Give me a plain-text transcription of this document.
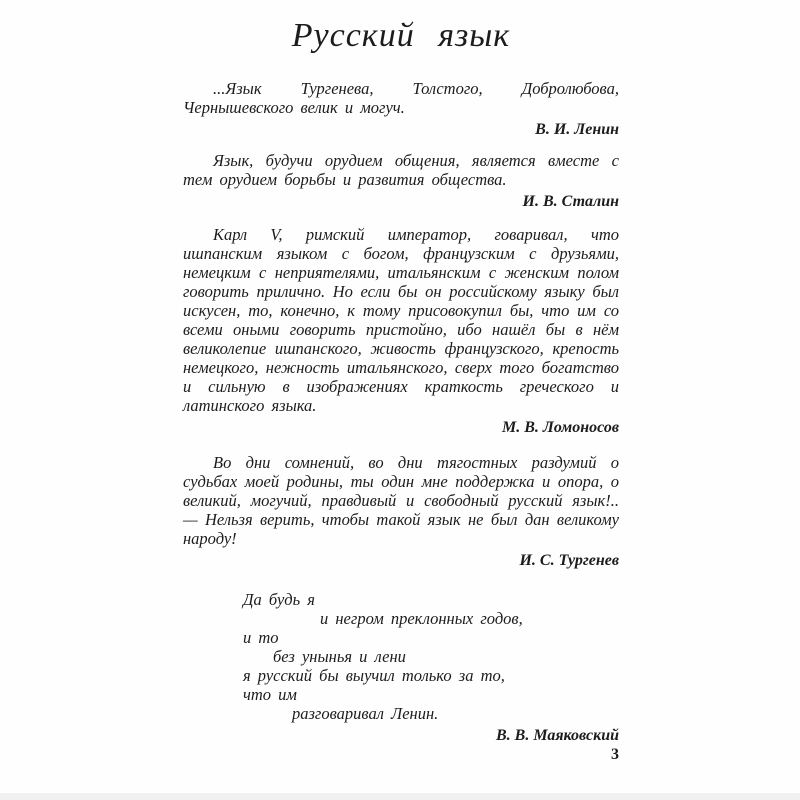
Русский язык

...Язык Тургенева, Толстого, Добролюбова, Чернышевского велик и могуч.

В. И. Ленин

Язык, будучи орудием общения, является вместе с тем орудием борьбы и развития общества.

И. В. Сталин

Карл V, римский император, говаривал, что ишпанским языком с богом, французским с друзьями, немецким с неприятелями, итальянским с женским полом говорить прилично. Но если бы он российскому языку был искусен, то, конечно, к тому присовокупил бы, что им со всеми оными говорить пристойно, ибо нашёл бы в нём великолепие ишпанского, живость французского, крепость немецкого, нежность итальянского, сверх того богатство и сильную в изображениях краткость греческого и латинского языка.

М. В. Ломоносов

Во дни сомнений, во дни тягостных раздумий о судьбах моей родины, ты один мне поддержка и опора, о великий, могучий, правдивый и свободный русский язык!.. — Нельзя верить, чтобы такой язык не был дан великому народу!

И. С. Тургенев

Да будь я
и негром преклонных годов,
и то
без унынья и лени
я русский бы выучил только за то,
что им
разговаривал Ленин.

В. В. Маяковский

3
